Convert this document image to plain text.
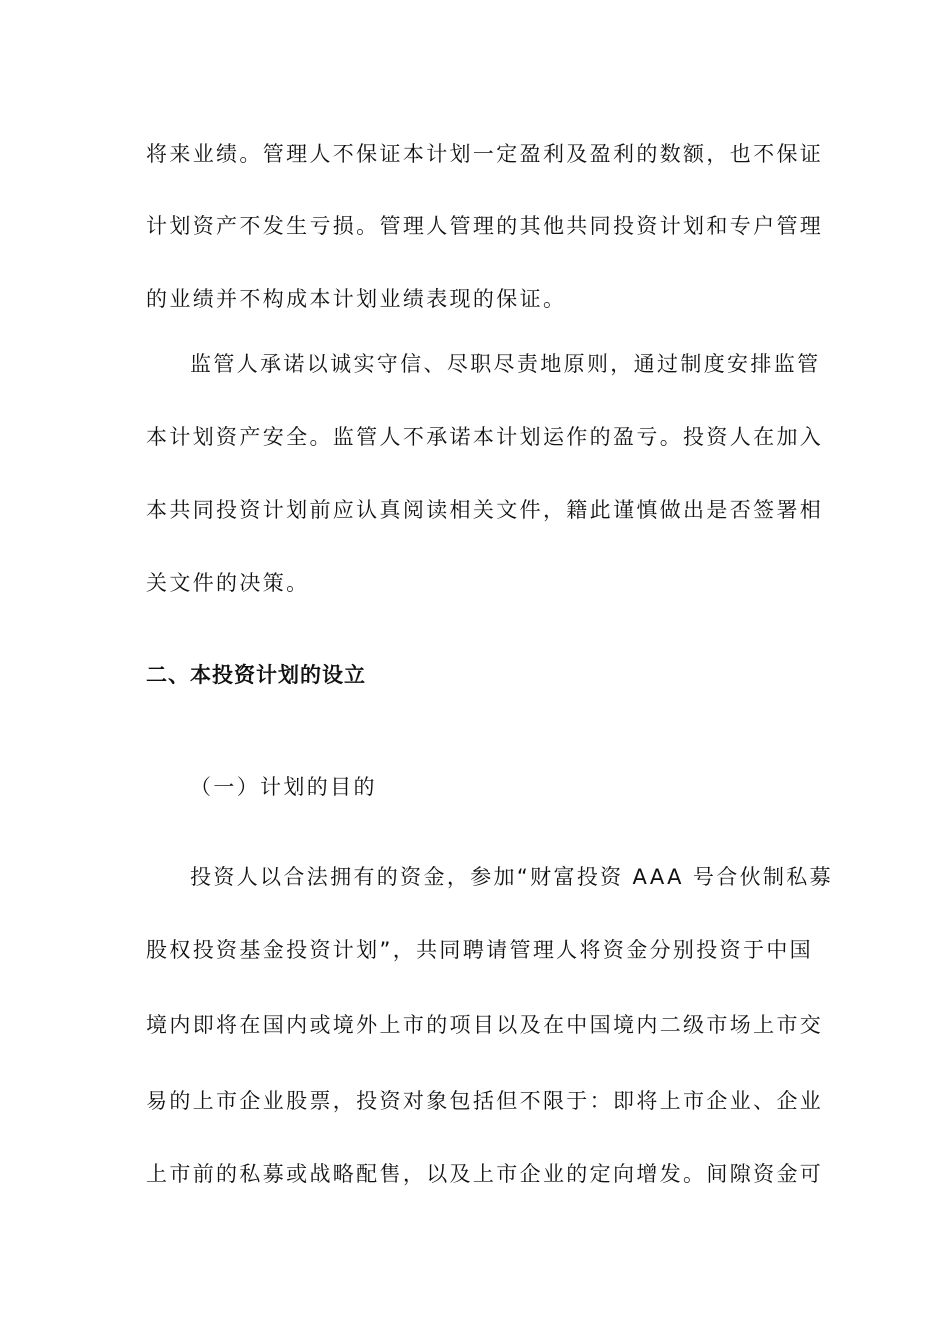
将来业绩。管理人不保证本计划一定盈利及盈利的数额，也不保证
计划资产不发生亏损。管理人管理的其他共同投资计划和专户管理
的业绩并不构成本计划业绩表现的保证。
监管人承诺以诚实守信、尽职尽责地原则，通过制度安排监管
本计划资产安全。监管人不承诺本计划运作的盈亏。投资人在加入
本共同投资计划前应认真阅读相关文件，籍此谨慎做出是否签署相
关文件的决策。
二、本投资计划的设立
（一）计划的目的
投资人以合法拥有的资金，参加“财富投资 AAA 号合伙制私募
股权投资基金投资计划”，共同聘请管理人将资金分别投资于中国
境内即将在国内或境外上市的项目以及在中国境内二级市场上市交
易的上市企业股票，投资对象包括但不限于：即将上市企业、企业
上市前的私募或战略配售，以及上市企业的定向增发。间隙资金可
